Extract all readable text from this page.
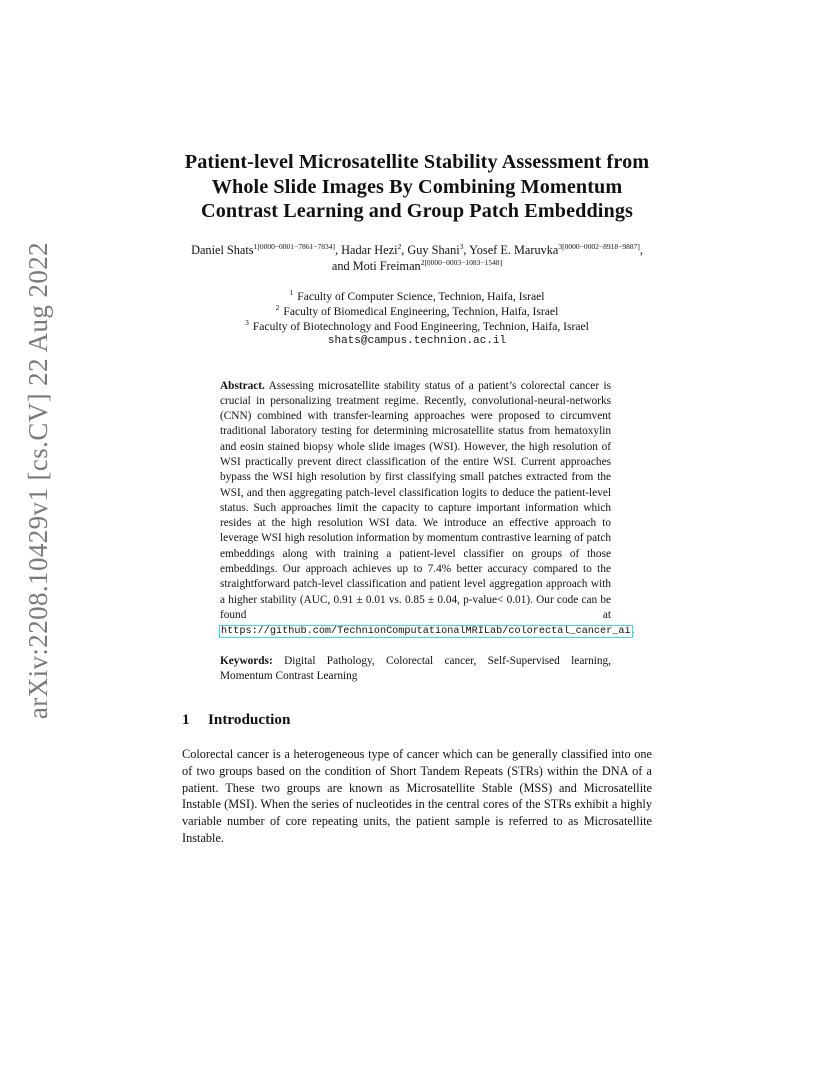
arXiv:2208.10429v1 [cs.CV] 22 Aug 2022
Patient-level Microsatellite Stability Assessment from Whole Slide Images By Combining Momentum Contrast Learning and Group Patch Embeddings
Daniel Shats$^{1[0000-0001-7861-7834]}$, Hadar Hezi$^2$, Guy Shani$^3$, Yosef E. Maruvka$^{3[0000-0002-8918-9887]}$, and Moti Freiman$^{2[0000-0003-1083-1548]}$
$^1$ Faculty of Computer Science, Technion, Haifa, Israel
$^2$ Faculty of Biomedical Engineering, Technion, Haifa, Israel
$^3$ Faculty of Biotechnology and Food Engineering, Technion, Haifa, Israel
shats@campus.technion.ac.il

Abstract. Assessing microsatellite stability status of a patient’s colorectal cancer is crucial in personalizing treatment regime. Recently, convolutional-neural-networks (CNN) combined with transfer-learning approaches were proposed to circumvent traditional laboratory testing for determining microsatellite status from hematoxylin and eosin stained biopsy whole slide images (WSI). However, the high resolution of WSI practically prevent direct classification of the entire WSI. Current approaches bypass the WSI high resolution by first classifying small patches extracted from the WSI, and then aggregating patch-level classification logits to deduce the patient-level status. Such approaches limit the capacity to capture important information which resides at the high resolution WSI data. We introduce an effective approach to leverage WSI high resolution information by momentum contrastive learning of patch embeddings along with training a patient-level classifier on groups of those embeddings. Our approach achieves up to 7.4% better accuracy compared to the straightforward patch-level classification and patient level aggregation approach with a higher stability (AUC, 0.91 ± 0.01 vs. 0.85 ± 0.04, p-value< 0.01). Our code can be found at https://github.com/TechnionComputationalMRILab/colorectal_cancer_ai.

Keywords: Digital Pathology, Colorectal cancer, Self-Supervised learning, Momentum Contrast Learning

1	Introduction

Colorectal cancer is a heterogeneous type of cancer which can be generally classified into one of two groups based on the condition of Short Tandem Repeats (STRs) within the DNA of a patient. These two groups are known as Microsatellite Stable (MSS) and Microsatellite Instable (MSI). When the series of nucleotides in the central cores of the STRs exhibit a highly variable number of core repeating units, the patient sample is referred to as Microsatellite Instable.
